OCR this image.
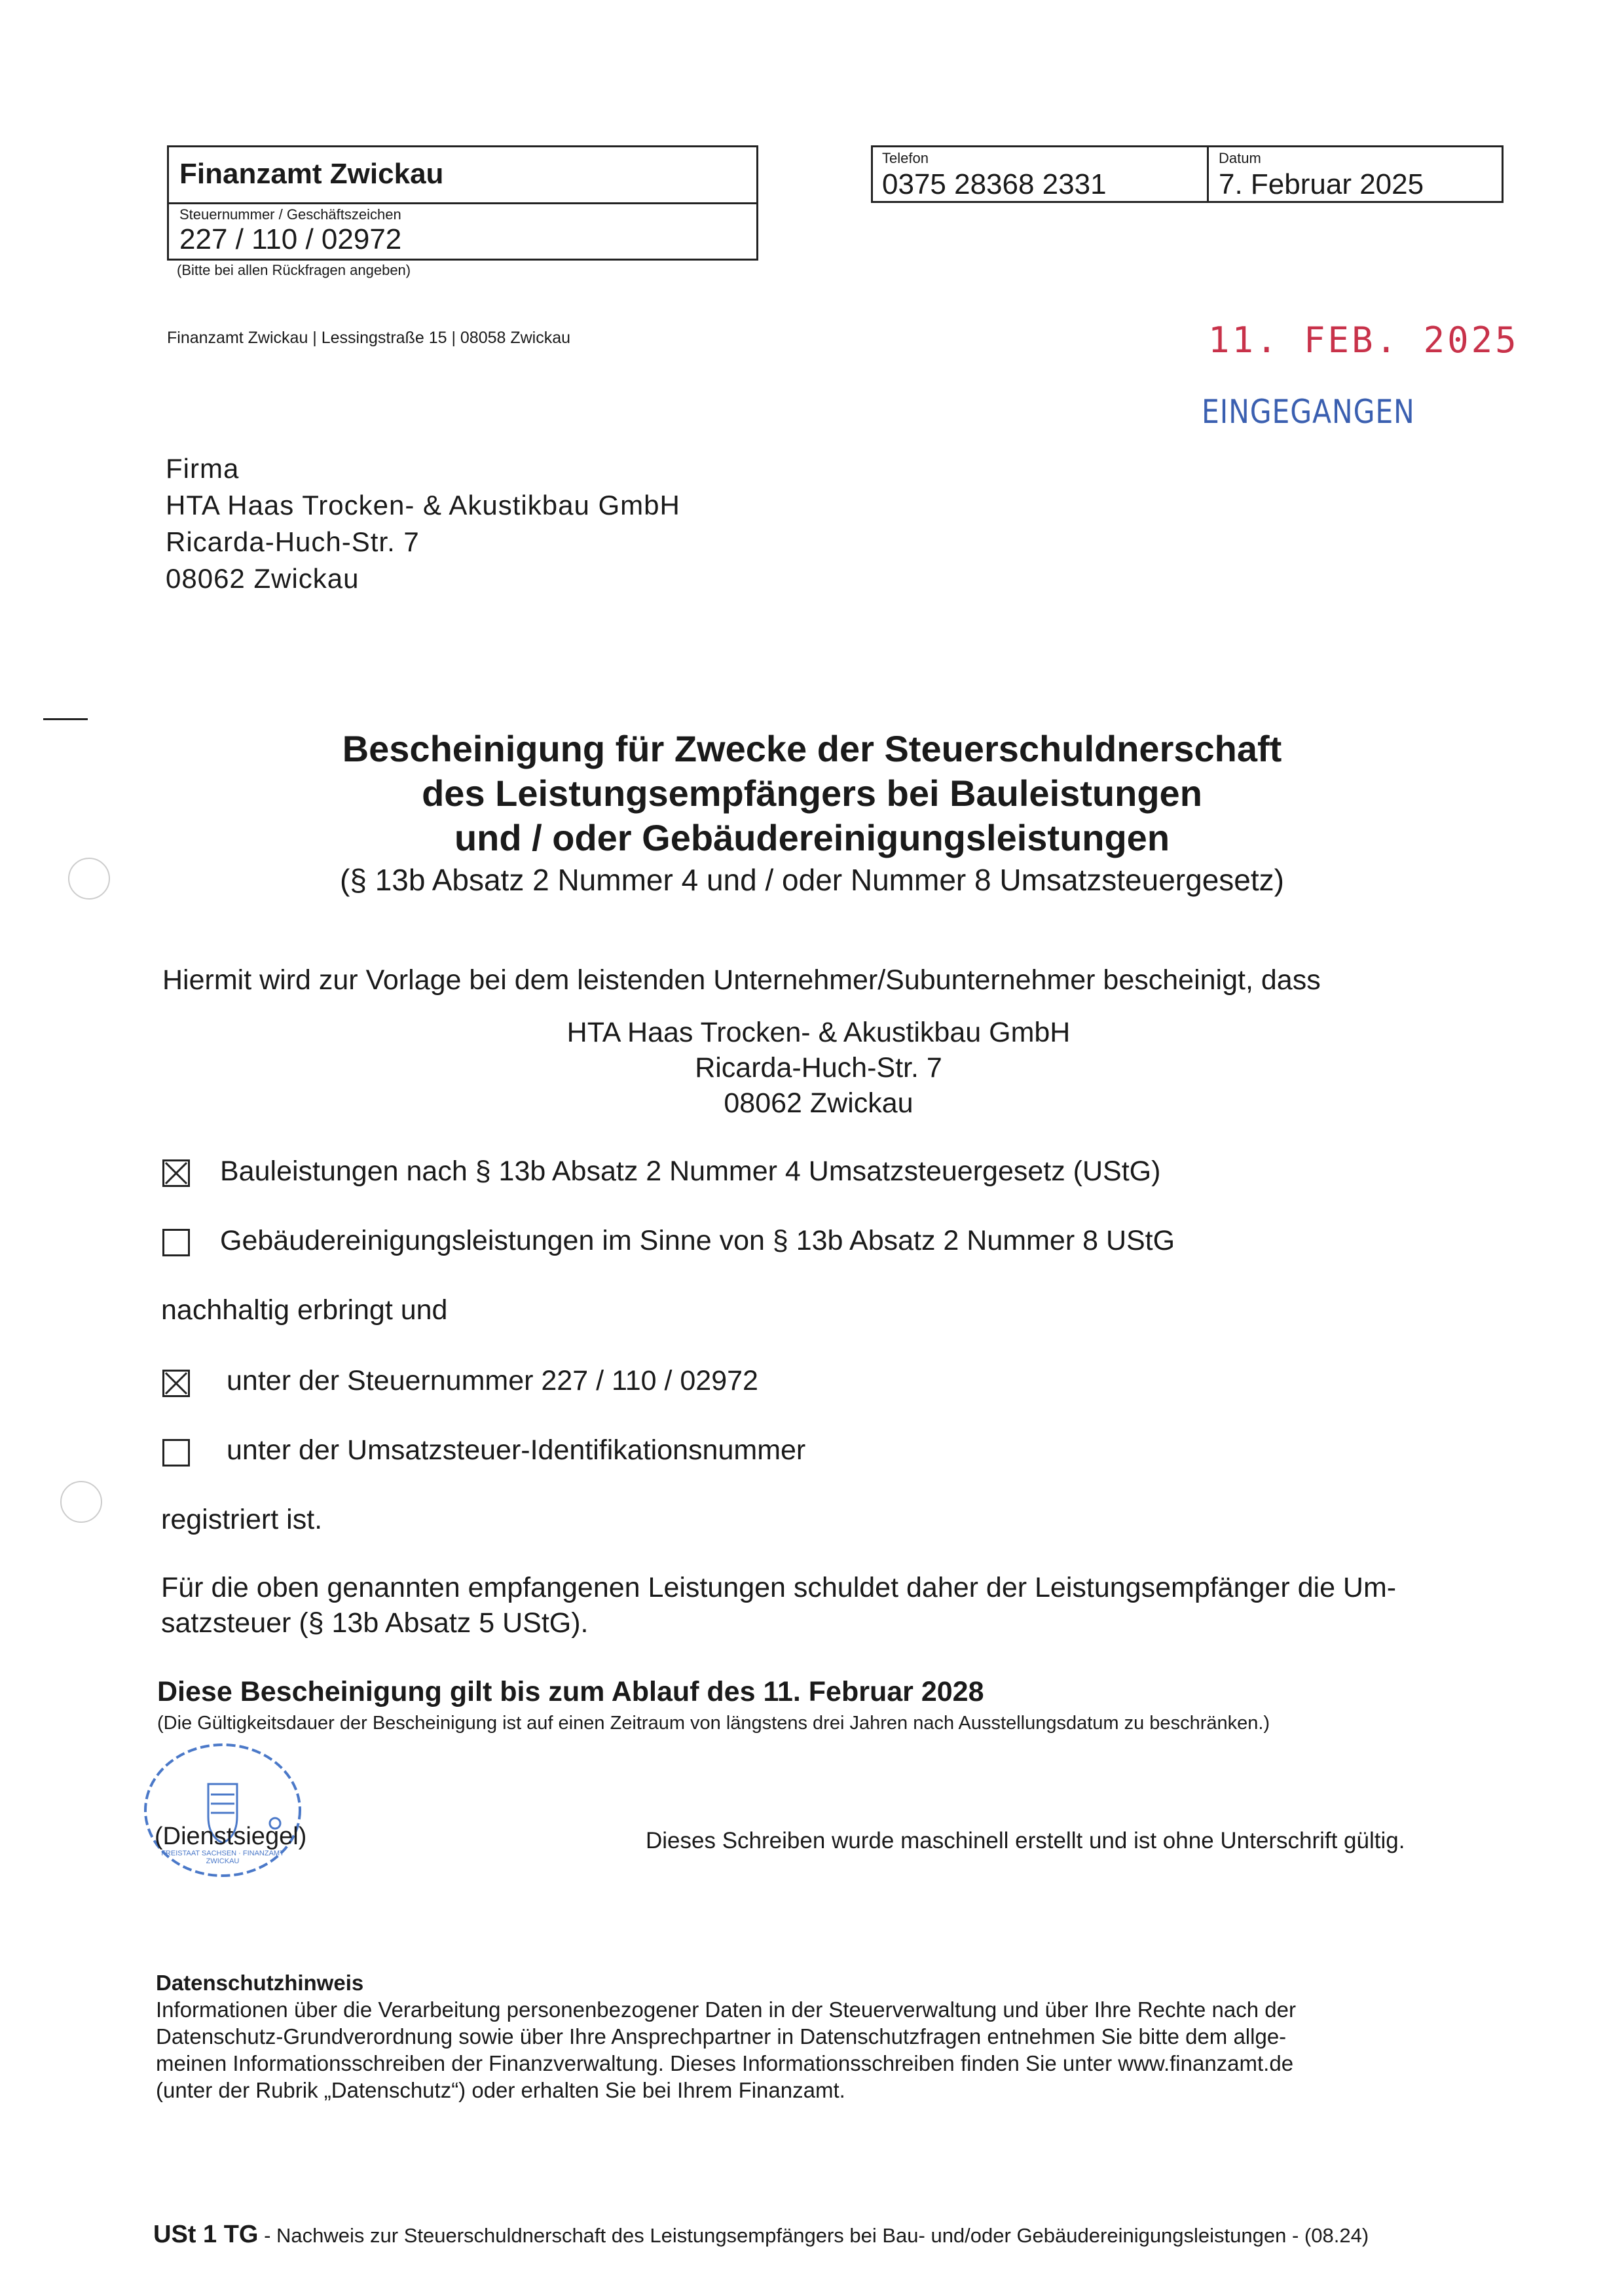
Finanzamt Zwickau
Steuernummer / Geschäftszeichen
227 / 110 / 02972
(Bitte bei allen Rückfragen angeben)
Telefon
0375 28368 2331
Datum
7. Februar 2025
Finanzamt Zwickau | Lessingstraße 15 | 08058 Zwickau	11. FEB. 2025
EINGEGANGEN
Firma
HTA Haas Trocken- & Akustikbau GmbH
Ricarda-Huch-Str. 7
08062 Zwickau
Bescheinigung für Zwecke der Steuerschuldnerschaft
des Leistungsempfängers bei Bauleistungen
und / oder Gebäudereinigungsleistungen
(§ 13b Absatz 2 Nummer 4 und / oder Nummer 8 Umsatzsteuergesetz)
Hiermit wird zur Vorlage bei dem leistenden Unternehmer/Subunternehmer bescheinigt, dass
HTA Haas Trocken- & Akustikbau GmbH
Ricarda-Huch-Str. 7
08062 Zwickau
Bauleistungen nach § 13b Absatz 2 Nummer 4 Umsatzsteuergesetz (UStG)
Gebäudereinigungsleistungen im Sinne von § 13b Absatz 2 Nummer 8 UStG
nachhaltig erbringt und
unter der Steuernummer 227 / 110 / 02972
unter der Umsatzsteuer-Identifikationsnummer
registriert ist.
Für die oben genannten empfangenen Leistungen schuldet daher der Leistungsempfänger die Um-
satzsteuer (§ 13b Absatz 5 UStG).
Diese Bescheinigung gilt bis zum Ablauf des 11. Februar 2028
(Die Gültigkeitsdauer der Bescheinigung ist auf einen Zeitraum von längstens drei Jahren nach Ausstellungsdatum zu beschränken.)
FREISTAAT SACHSEN · FINANZAMT ZWICKAU
(Dienstsiegel)	Dieses Schreiben wurde maschinell erstellt und ist ohne Unterschrift gültig.
Datenschutzhinweis
Informationen über die Verarbeitung personenbezogener Daten in der Steuerverwaltung und über Ihre Rechte nach der
Datenschutz-Grundverordnung sowie über Ihre Ansprechpartner in Datenschutzfragen entnehmen Sie bitte dem allge-
meinen Informationsschreiben der Finanzverwaltung. Dieses Informationsschreiben finden Sie unter www.finanzamt.de
(unter der Rubrik „Datenschutz“) oder erhalten Sie bei Ihrem Finanzamt.
USt 1 TG - Nachweis zur Steuerschuldnerschaft des Leistungsempfängers bei Bau- und/oder Gebäudereinigungsleistungen - (08.24)
